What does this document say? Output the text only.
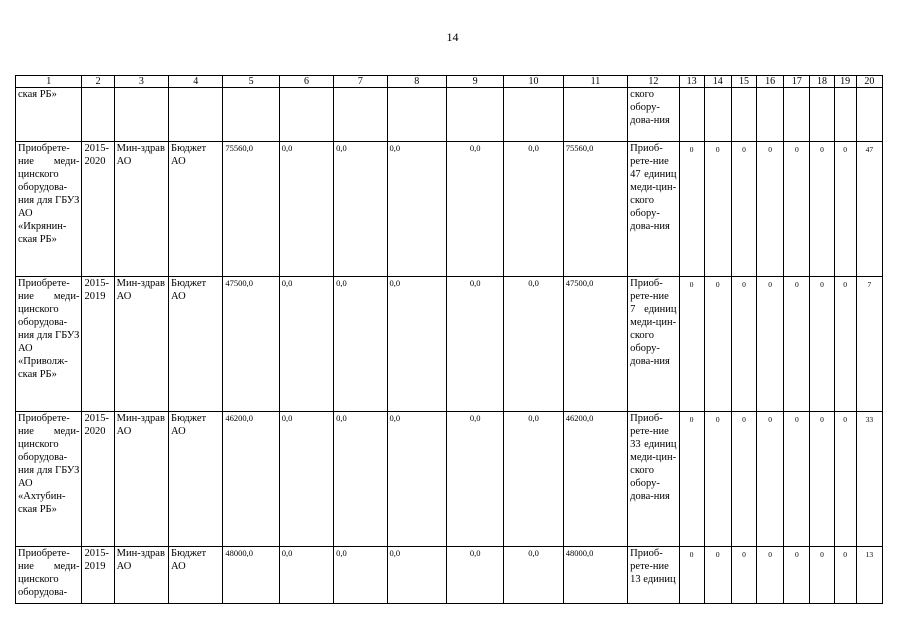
14
1	2	3	4	5	6	7	8	9	10	11	12	13	14	15	16	17	18	19	20
ская РБ»											ского обору-дова-ния								
Приобрете-ние меди-цинского оборудова-ния для ГБУЗ АО «Икрянин-ская РБ»	2015-2020	Мин-здрав АО	Бюджет АО	75560,0	0,0	0,0	0,0	0,0	0,0	75560,0	Приоб-рете-ние 47 единиц меди-цин-ского обору-дова-ния	0	0	0	0	0	0	0	47
Приобрете-ние меди-цинского оборудова-ния для ГБУЗ АО «Приволж-ская РБ»	2015-2019	Мин-здрав АО	Бюджет АО	47500,0	0,0	0,0	0,0	0,0	0,0	47500,0	Приоб-рете-ние 7 единиц меди-цин-ского обору-дова-ния	0	0	0	0	0	0	0	7
Приобрете-ние меди-цинского оборудова-ния для ГБУЗ АО «Ахтубин-ская РБ»	2015-2020	Мин-здрав АО	Бюджет АО	46200,0	0,0	0,0	0,0	0,0	0,0	46200,0	Приоб-рете-ние 33 единиц меди-цин-ского обору-дова-ния	0	0	0	0	0	0	0	33
Приобрете-ние меди-цинского оборудова-	2015-2019	Мин-здрав АО	Бюджет АО	48000,0	0,0	0,0	0,0	0,0	0,0	48000,0	Приоб-рете-ние 13 единиц	0	0	0	0	0	0	0	13
